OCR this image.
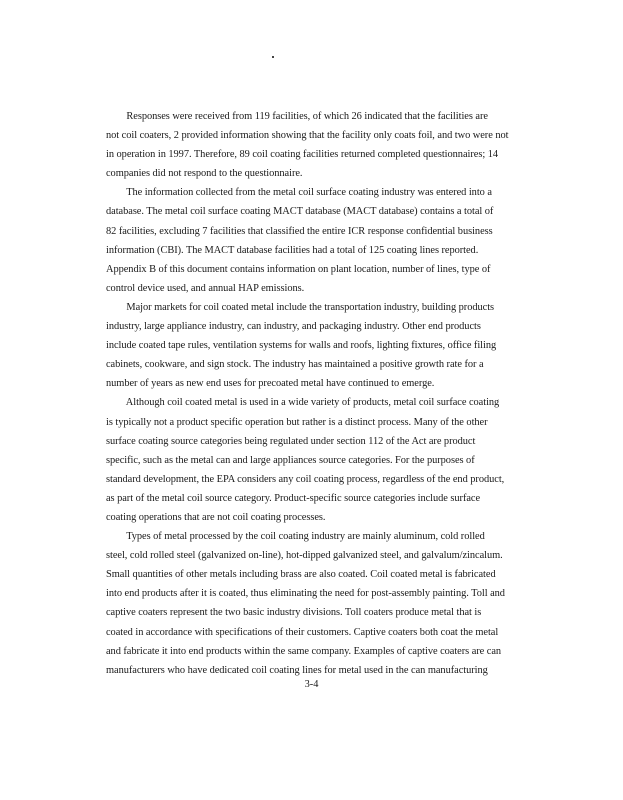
Responses were received from 119 facilities, of which 26 indicated that the facilities are
not coil coaters, 2 provided information showing that the facility only coats foil, and two were not
in operation in 1997. Therefore, 89 coil coating facilities returned completed questionnaires; 14
companies did not respond to the questionnaire.

The information collected from the metal coil surface coating industry was entered into a
database. The metal coil surface coating MACT database (MACT database) contains a total of
82 facilities, excluding 7 facilities that classified the entire ICR response confidential business
information (CBI). The MACT database facilities had a total of 125 coating lines reported.
Appendix B of this document contains information on plant location, number of lines, type of
control device used, and annual HAP emissions.

Major markets for coil coated metal include the transportation industry, building products
industry, large appliance industry, can industry, and packaging industry. Other end products
include coated tape rules, ventilation systems for walls and roofs, lighting fixtures, office filing
cabinets, cookware, and sign stock. The industry has maintained a positive growth rate for a
number of years as new end uses for precoated metal have continued to emerge.

Although coil coated metal is used in a wide variety of products, metal coil surface coating
is typically not a product specific operation but rather is a distinct process. Many of the other
surface coating source categories being regulated under section 112 of the Act are product
specific, such as the metal can and large appliances source categories. For the purposes of
standard development, the EPA considers any coil coating process, regardless of the end product,
as part of the metal coil source category. Product-specific source categories include surface
coating operations that are not coil coating processes.

Types of metal processed by the coil coating industry are mainly aluminum, cold rolled
steel, cold rolled steel (galvanized on-line), hot-dipped galvanized steel, and galvalum/zincalum.
Small quantities of other metals including brass are also coated. Coil coated metal is fabricated
into end products after it is coated, thus eliminating the need for post-assembly painting. Toll and
captive coaters represent the two basic industry divisions. Toll coaters produce metal that is
coated in accordance with specifications of their customers. Captive coaters both coat the metal
and fabricate it into end products within the same company. Examples of captive coaters are can
manufacturers who have dedicated coil coating lines for metal used in the can manufacturing

3-4
